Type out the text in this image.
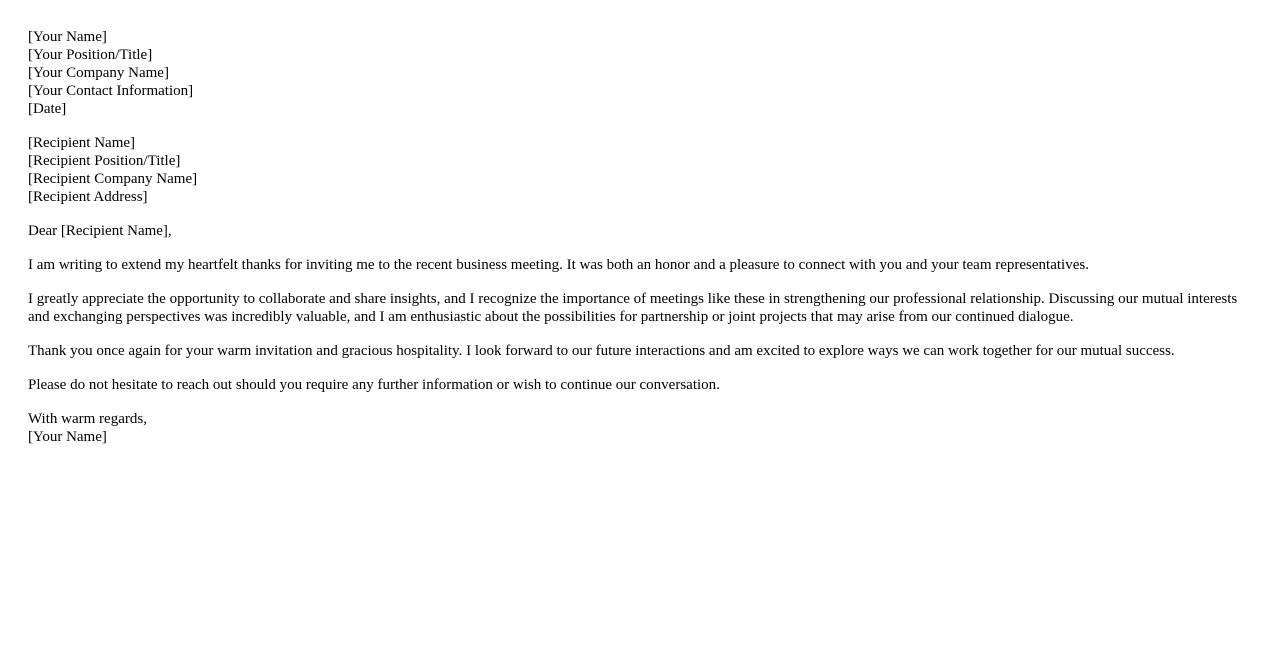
[Your Name]
[Your Position/Title]
[Your Company Name]
[Your Contact Information]
[Date]
[Recipient Name]
[Recipient Position/Title]
[Recipient Company Name]
[Recipient Address]

Dear [Recipient Name],

I am writing to extend my heartfelt thanks for inviting me to the recent business meeting. It was both an honor and a pleasure to connect with you and your team representatives.

I greatly appreciate the opportunity to collaborate and share insights, and I recognize the importance of meetings like these in strengthening our professional relationship. Discussing our mutual interests and exchanging perspectives was incredibly valuable, and I am enthusiastic about the possibilities for partnership or joint projects that may arise from our continued dialogue.

Thank you once again for your warm invitation and gracious hospitality. I look forward to our future interactions and am excited to explore ways we can work together for our mutual success.

Please do not hesitate to reach out should you require any further information or wish to continue our conversation.

With warm regards,
[Your Name]
